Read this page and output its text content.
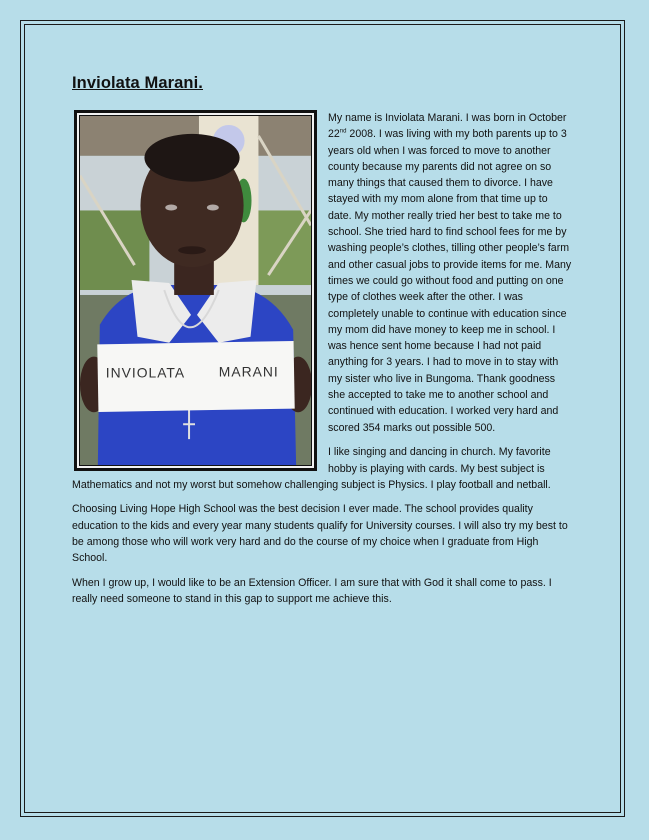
Inviolata Marani.
INVIOLATA MARANI

My name is Inviolata Marani. I was born in October 22nd 2008. I was living with my both parents up to 3 years old when I was forced to move to another county because my parents did not agree on so many things that caused them to divorce. I have stayed with my mom alone from that time up to date. My mother really tried her best to take me to school. She tried hard to find school fees for me by washing people’s clothes, tilling other people’s farm and other casual jobs to provide items for me. Many times we could go without food and putting on one type of clothes week after the other. I was completely unable to continue with education since my mom did have money to keep me in school. I was hence sent home because I had not paid anything for 3 years. I had to move in to stay with my sister who live in Bungoma. Thank goodness she accepted to take me to another school and continued with education. I worked very hard and scored 354 marks out possible 500.

I like singing and dancing in church. My favorite hobby is playing with cards. My best subject is Mathematics and not my worst but somehow challenging subject is Physics. I play football and netball.

Choosing Living Hope High School was the best decision I ever made. The school provides quality education to the kids and every year many students qualify for University courses. I will also try my best to be among those who will work very hard and do the course of my choice when I graduate from High School.

When I grow up, I would like to be an Extension Officer. I am sure that with God it shall come to pass. I really need someone to stand in this gap to support me achieve this.
